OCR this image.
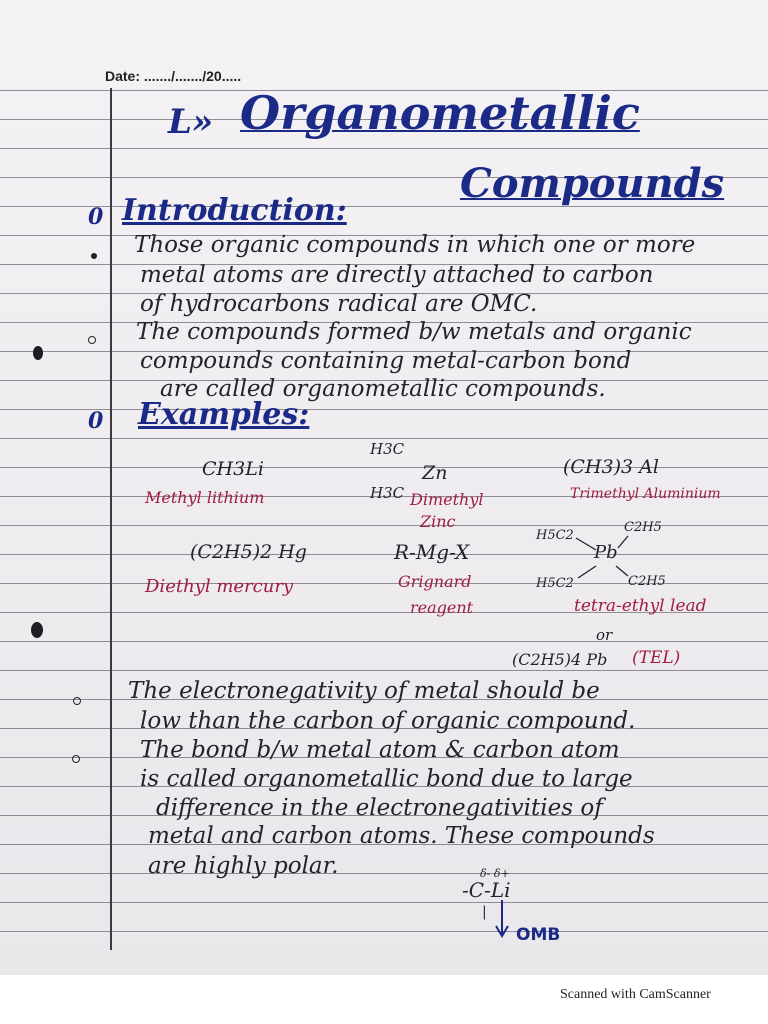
Date: ......./......./20.....
L» Organometallic
Compounds
0 Introduction:
Those organic compounds in which one or more
metal atoms are directly attached to carbon
of hydrocarbons radical are OMC.
The compounds formed b/w metals and organic
compounds containing metal-carbon bond
are called organometallic compounds.
0 Examples:
CH3Li
Methyl lithium
H3C
Zn
H3C Dimethyl
Zinc
(CH3)3 Al
Trimethyl Aluminium
(C2H5)2 Hg
Diethyl mercury
R-Mg-X
Grignard
reagent
H5C2
C2H5
Pb
H5C2	C2H5
tetra-ethyl lead
or
(C2H5)4 Pb (TEL)
The electronegativity of metal should be
low than the carbon of organic compound.
The bond b/w metal atom & carbon atom
is called organometallic bond due to large
difference in the electronegativities of
metal and carbon atoms. These compounds
are highly polar.	δ- δ+
-C-Li
|
OMB
Scanned with CamScanner
